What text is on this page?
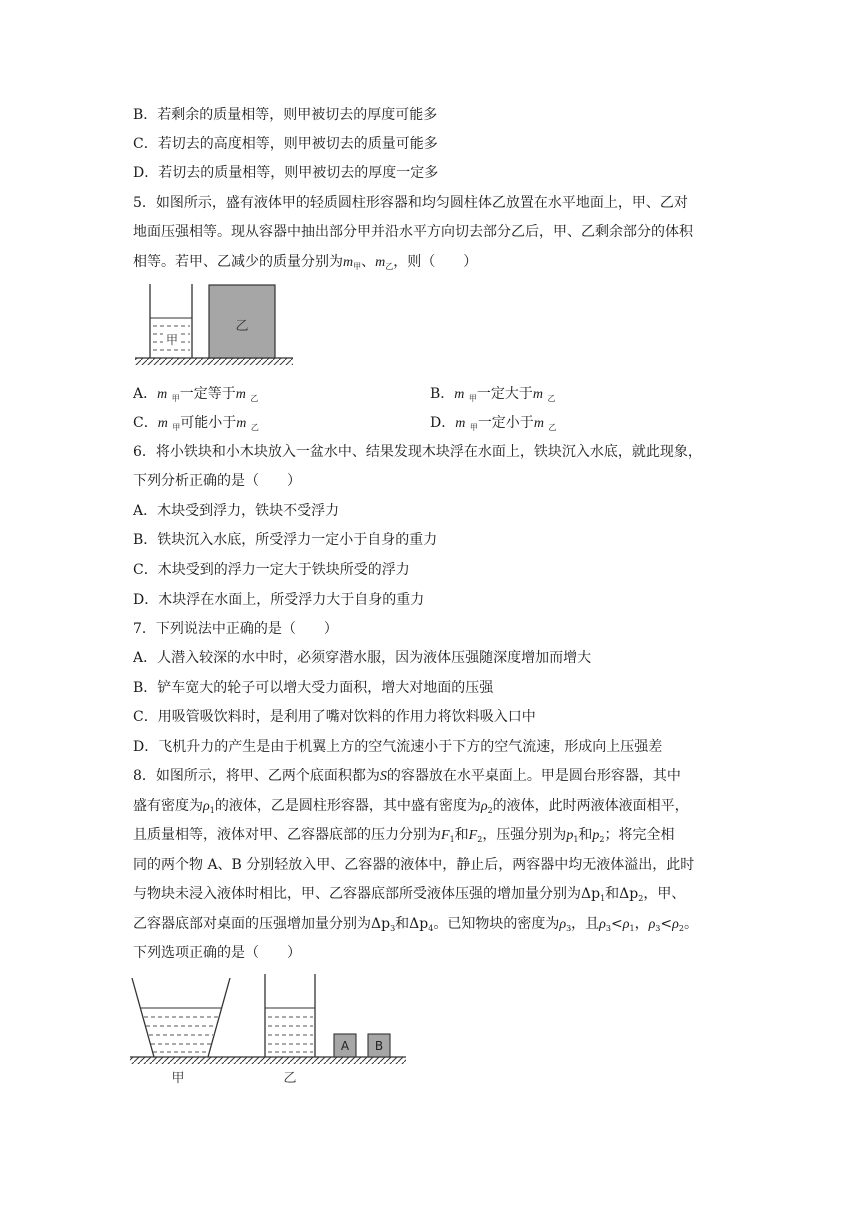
B．若剩余的质量相等，则甲被切去的厚度可能多
C．若切去的高度相等，则甲被切去的质量可能多
D．若切去的质量相等，则甲被切去的厚度一定多
5．如图所示，盛有液体甲的轻质圆柱形容器和均匀圆柱体乙放置在水平地面上，甲、乙对
地面压强相等。现从容器中抽出部分甲并沿水平方向切去部分乙后，甲、乙剩余部分的体积
相等。若甲、乙减少的质量分别为$m_甲$、$m_乙$，则（　　）
甲
乙
A．m $_甲$一定等于m $_乙$	B．m $_甲$一定大于m $_乙$
C．m $_甲$可能小于m $_乙$	D．m $_甲$一定小于m $_乙$
6．将小铁块和小木块放入一盆水中、结果发现木块浮在水面上，铁块沉入水底，就此现象，
下列分析正确的是（　　）
A．木块受到浮力，铁块不受浮力
B．铁块沉入水底，所受浮力一定小于自身的重力
C．木块受到的浮力一定大于铁块所受的浮力
D．木块浮在水面上，所受浮力大于自身的重力
7．下列说法中正确的是（　　）
A．人潜入较深的水中时，必须穿潜水服，因为液体压强随深度增加而增大
B．铲车宽大的轮子可以增大受力面积，增大对地面的压强
C．用吸管吸饮料时，是利用了嘴对饮料的作用力将饮料吸入口中
D．飞机升力的产生是由于机翼上方的空气流速小于下方的空气流速，形成向上压强差
8．如图所示，将甲、乙两个底面积都为S的容器放在水平桌面上。甲是圆台形容器，其中
盛有密度为$\rho_1$的液体，乙是圆柱形容器，其中盛有密度为$\rho_2$的液体，此时两液体液面相平，
且质量相等，液体对甲、乙容器底部的压力分别为$F_1$和$F_2$，压强分别为$p_1$和$p_2$；将完全相
同的两个物 A、B 分别轻放入甲、乙容器的液体中，静止后，两容器中均无液体溢出，此时
与物块未浸入液体时相比，甲、乙容器底部所受液体压强的增加量分别为$\Delta p_1$和$\Delta p_2$，甲、
乙容器底部对桌面的压强增加量分别为$\Delta p_3$和$\Delta p_4$。已知物块的密度为$\rho_3$，且$\rho_3<\rho_1$，$\rho_3<\rho_2$。
下列选项正确的是（　　）
甲	乙
A B
